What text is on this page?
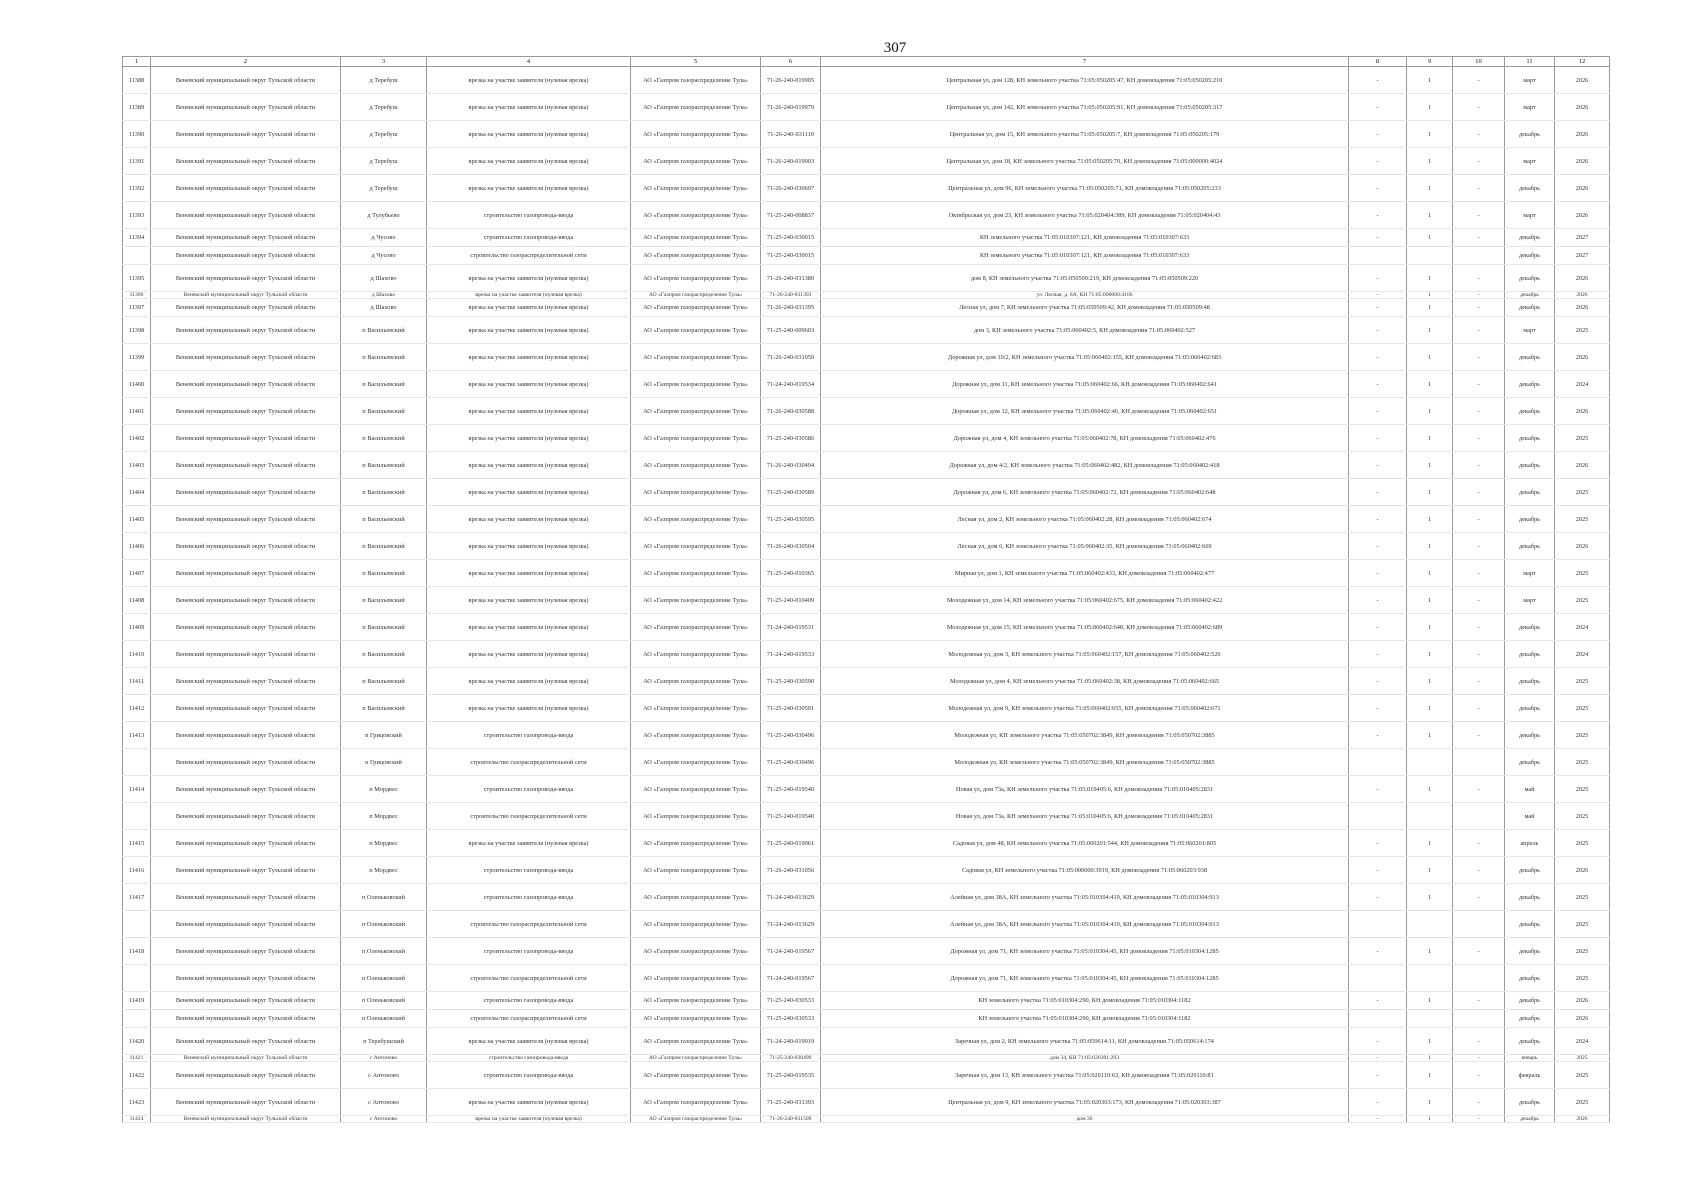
307
1	2	3	4	5	6	7	8	9	10	11	12
11388	Веневский муниципальный округ Тульской области	д Теребуш	врезка на участке заявителя (нулевая врезка)	АО «Газпром газораспределение Тула»	71-26-240-019905	Центральная ул, дом 128, КН земельного участка 71:05:050205:47, КН домовладения 71:05:050205:210	-	1	-	март	2026
11389	Веневский муниципальный округ Тульской области	д Теребуш	врезка на участке заявителя (нулевая врезка)	АО «Газпром газораспределение Тула»	71-26-240-019979	Центральная ул, дом 142, КН земельного участка 71:05:050205:91, КН домовладения 71:05:050205:317	-	1	-	март	2026
11390	Веневский муниципальный округ Тульской области	д Теребуш	врезка на участке заявителя (нулевая врезка)	АО «Газпром газораспределение Тула»	71-26-240-031110	Центральная ул, дом 15, КН земельного участка 71:05:050205:7, КН домовладения 71:05:050205:179	-	1	-	декабрь	2026
11391	Веневский муниципальный округ Тульской области	д Теребуш	врезка на участке заявителя (нулевая врезка)	АО «Газпром газораспределение Тула»	71-26-240-019903	Центральная ул, дом 18, КН земельного участка 71:05:050205:70, КН домовладения 71:05:000000:4024	-	1	-	март	2026
11392	Веневский муниципальный округ Тульской области	д Теребуш	врезка на участке заявителя (нулевая врезка)	АО «Газпром газораспределение Тула»	71-26-240-030697	Центральная ул, дом 96, КН земельного участка 71:05:050205:71, КН домовладения 71:05:050205:233	-	1	-	декабрь	2026
11393	Веневский муниципальный округ Тульской области	д Тулубьево	строительство газопровода-ввода	АО «Газпром газораспределение Тула»	71-25-240-008837	Октябрьская ул, дом 23, КН земельного участка 71:05:020404:389, КН домовладения 71:05:020404:43	-	1	-	март	2026
11394	Веневский муниципальный округ Тульской области	д Чусово	строительство газопровода-ввода	АО «Газпром газораспределение Тула»	71-25-240-030015	КН земельного участка 71:05:010307:121, КН домовладения 71:05:010307:633	-	1	-	декабрь	2027
	Веневский муниципальный округ Тульской области	д Чусово	строительство газораспределительной сети	АО «Газпром газораспределение Тула»	71-25-240-030015	КН земельного участка 71:05:010307:121, КН домовладения 71:05:010307:633				декабрь	2027
11395	Веневский муниципальный округ Тульской области	д Шахово	врезка на участке заявителя (нулевая врезка)	АО «Газпром газораспределение Тула»	71-26-240-031380	дом 8, КН земельного участка 71:05:050509:219, КН домовладения 71:05:050509:220	-	1	-	декабрь	2026
11396	Веневский муниципальный округ Тульской области	д Шахово	врезка на участке заявителя (нулевая врезка)	АО «Газпром газораспределение Тула»	71-26-240-031393	ул. Лесная, д. 8А, КН 71:05:000000:4166	-	1	-	декабрь	2026
11397	Веневский муниципальный округ Тульской области	д Шахово	врезка на участке заявителя (нулевая врезка)	АО «Газпром газораспределение Тула»	71-26-240-031395	Лесная ул, дом 7, КН земельного участка 71:05:050509:42, КН домовладения 71:05:050509:48	-	1	-	декабрь	2026
11398	Веневский муниципальный округ Тульской области	п Васильевский	врезка на участке заявителя (нулевая врезка)	АО «Газпром газораспределение Тула»	71-25-240-009603	дом 3, КН земельного участка 71:05:060402:5, КН домовладения 71:05:060402:527	-	1	-	март	2025
11399	Веневский муниципальный округ Тульской области	п Васильевский	врезка на участке заявителя (нулевая врезка)	АО «Газпром газораспределение Тула»	71-26-240-031050	Дорожная ул, дом 10/2, КН земельного участка 71:05:060402:155, КН домовладения 71:05:060402:683	-	1	-	декабрь	2026
11400	Веневский муниципальный округ Тульской области	п Васильевский	врезка на участке заявителя (нулевая врезка)	АО «Газпром газораспределение Тула»	71-24-240-019534	Дорожная ул, дом 11, КН земельного участка 71:05:060402:66, КН домовладения 71:05:060402:641	-	1	-	декабрь	2024
11401	Веневский муниципальный округ Тульской области	п Васильевский	врезка на участке заявителя (нулевая врезка)	АО «Газпром газораспределение Тула»	71-26-240-030588	Дорожная ул, дом 12, КН земельного участка 71:05:060402:46, КН домовладения 71:05:060402:651	-	1	-	декабрь	2026
11402	Веневский муниципальный округ Тульской области	п Васильевский	врезка на участке заявителя (нулевая врезка)	АО «Газпром газораспределение Тула»	71-25-240-030586	Дорожная ул, дом 4, КН земельного участка 71:05:060402:78, КН домовладения 71:05:060402:476	-	1	-	декабрь	2025
11403	Веневский муниципальный округ Тульской области	п Васильевский	врезка на участке заявителя (нулевая врезка)	АО «Газпром газораспределение Тула»	71-26-240-030494	Дорожная ул, дом 4/2, КН земельного участка 71:05:060402:482, КН домовладения 71:05:060402:418	-	1	-	декабрь	2026
11404	Веневский муниципальный округ Тульской области	п Васильевский	врезка на участке заявителя (нулевая врезка)	АО «Газпром газораспределение Тула»	71-25-240-030589	Дорожная ул, дом 6, КН земельного участка 71:05:060402:72, КН домовладения 71:05:060402:648	-	1	-	декабрь	2025
11405	Веневский муниципальный округ Тульской области	п Васильевский	врезка на участке заявителя (нулевая врезка)	АО «Газпром газораспределение Тула»	71-25-240-030595	Лесная ул, дом 2, КН земельного участка 71:05:060402:28, КН домовладения 71:05:060402:674	-	1	-	декабрь	2025
11406	Веневский муниципальный округ Тульской области	п Васильевский	врезка на участке заявителя (нулевая врезка)	АО «Газпром газораспределение Тула»	71-26-240-030504	Лесная ул, дом 6, КН земельного участка 71:05:060402:35, КН домовладения 71:05:060402:669	-	1	-	декабрь	2026
11407	Веневский муниципальный округ Тульской области	п Васильевский	врезка на участке заявителя (нулевая врезка)	АО «Газпром газораспределение Тула»	71-25-240-010365	Мирная ул, дом 1, КН земельного участка 71:05:060402:433, КН домовладения 71:05:060402:477	-	1	-	март	2025
11408	Веневский муниципальный округ Тульской области	п Васильевский	врезка на участке заявителя (нулевая врезка)	АО «Газпром газораспределение Тула»	71-25-240-010409	Молодежная ул, дом 14, КН земельного участка 71:05:060402:675, КН домовладения 71:05:060402:422	-	1	-	март	2025
11409	Веневский муниципальный округ Тульской области	п Васильевский	врезка на участке заявителя (нулевая врезка)	АО «Газпром газораспределение Тула»	71-24-240-019531	Молодежная ул, дом 15, КН земельного участка 71:05:060402:648, КН домовладения 71:05:060402:689	-	1	-	декабрь	2024
11410	Веневский муниципальный округ Тульской области	п Васильевский	врезка на участке заявителя (нулевая врезка)	АО «Газпром газораспределение Тула»	71-24-240-019533	Молодежная ул, дом 3, КН земельного участка 71:05:060402:157, КН домовладения 71:05:060402:526	-	1	-	декабрь	2024
11411	Веневский муниципальный округ Тульской области	п Васильевский	врезка на участке заявителя (нулевая врезка)	АО «Газпром газораспределение Тула»	71-25-240-030590	Молодежная ул, дом 4, КН земельного участка 71:05:060402:38, КН домовладения 71:05:060402:665	-	1	-	декабрь	2025
11412	Веневский муниципальный округ Тульской области	п Васильевский	врезка на участке заявителя (нулевая врезка)	АО «Газпром газораспределение Тула»	71-25-240-030591	Молодежная ул, дом 9, КН земельного участка 71:05:060402:655, КН домовладения 71:05:060402:671	-	1	-	декабрь	2025
11413	Веневский муниципальный округ Тульской области	п Грицовский	строительство газопровода-ввода	АО «Газпром газораспределение Тула»	71-25-240-030496	Молодежная ул, КН земельного участка 71:05:050702:3849, КН домовладения 71:05:050702:3885	-	1	-	декабрь	2025
	Веневский муниципальный округ Тульской области	п Грицовский	строительство газораспределительной сети	АО «Газпром газораспределение Тула»	71-25-240-030496	Молодежная ул, КН земельного участка 71:05:050702:3849, КН домовладения 71:05:050702:3885				декабрь	2025
11414	Веневский муниципальный округ Тульской области	п Мордвес	строительство газопровода-ввода	АО «Газпром газораспределение Тула»	71-25-240-019540	Новая ул, дом 73а, КН земельного участка 71:05:010405:6, КН домовладения 71:05:010405:2831	-	1	-	май	2025
	Веневский муниципальный округ Тульской области	п Мордвес	строительство газораспределительной сети	АО «Газпром газораспределение Тула»	71-25-240-019540	Новая ул, дом 73а, КН земельного участка 71:05:010405:6, КН домовладения 71:05:010405:2831				май	2025
11415	Веневский муниципальный округ Тульской области	п Мордвес	врезка на участке заявителя (нулевая врезка)	АО «Газпром газораспределение Тула»	71-25-240-019061	Садовая ул, дом 48, КН земельного участка 71:05:060201:544, КН домовладения 71:05:060201:805	-	1	-	апрель	2025
11416	Веневский муниципальный округ Тульской области	п Мордвес	строительство газопровода-ввода	АО «Газпром газораспределение Тула»	71-26-240-031056	Садовая ул, КН земельного участка 71:05:000000:3919, КН домовладения 71:05:060203:938	-	1	-	декабрь	2026
11417	Веневский муниципальный округ Тульской области	п Оленьковский	строительство газопровода-ввода	АО «Газпром газораспределение Тула»	71-24-240-013629	Алейная ул, дом 38А, КН земельного участка 71:05:010304:419, КН домовладения 71:05:010304:913	-	1	-	декабрь	2025
	Веневский муниципальный округ Тульской области	п Оленьковский	строительство газораспределительной сети	АО «Газпром газораспределение Тула»	71-24-240-013629	Алейная ул, дом 38А, КН земельного участка 71:05:010304:419, КН домовладения 71:05:010304:913				декабрь	2025
11418	Веневский муниципальный округ Тульской области	п Оленьковский	строительство газопровода-ввода	АО «Газпром газораспределение Тула»	71-24-240-019567	Дорожная ул, дом 71, КН земельного участка 71:05:010304:45, КН домовладения 71:05:010304:1285	-	1	-	декабрь	2025
	Веневский муниципальный округ Тульской области	п Оленьковский	строительство газораспределительной сети	АО «Газпром газораспределение Тула»	71-24-240-019567	Дорожная ул, дом 71, КН земельного участка 71:05:010304:45, КН домовладения 71:05:010304:1285				декабрь	2025
11419	Веневский муниципальный округ Тульской области	п Оленьковский	строительство газопровода-ввода	АО «Газпром газораспределение Тула»	71-25-240-030533	КН земельного участка 71:05:010304:290, КН домовладения 71:05:010304:1182	-	1	-	декабрь	2026
	Веневский муниципальный округ Тульской области	п Оленьковский	строительство газораспределительной сети	АО «Газпром газораспределение Тула»	71-25-240-030533	КН земельного участка 71:05:010304:290, КН домовладения 71:05:010304:1182				декабрь	2026
11420	Веневский муниципальный округ Тульской области	п Теребушский	врезка на участке заявителя (нулевая врезка)	АО «Газпром газораспределение Тула»	71-24-240-019919	Заречная ул, дом 2, КН земельного участка 71:05:050614:11, КН домовладения 71:05:050614:174	-	1	-	декабрь	2024
11421	Веневский муниципальный округ Тульской области	с Антоново	строительство газопровода-ввода	АО «Газпром газораспределение Тула»	71-25-240-030499	дом 34, КН 71:05:020301:293	-	1	-	январь	2025
11422	Веневский муниципальный округ Тульской области	с Антоново	строительство газопровода-ввода	АО «Газпром газораспределение Тула»	71-25-240-019535	Заречная ул, дом 13, КН земельного участка 71:05:020110:63, КН домовладения 71:05:020110:81	-	1	-	февраль	2025
11423	Веневский муниципальный округ Тульской области	с Антоново	врезка на участке заявителя (нулевая врезка)	АО «Газпром газораспределение Тула»	71-25-240-031393	Центральная ул, дом 9, КН земельного участка 71:05:020303:173, КН домовладения 71:05:020303:387	-	1	-	декабрь	2025
11424	Веневский муниципальный округ Тульской области	с Антоново	врезка на участке заявителя (нулевая врезка)	АО «Газпром газораспределение Тула»	71-26-240-031509	дом 36	-	1	-	декабрь	2026
